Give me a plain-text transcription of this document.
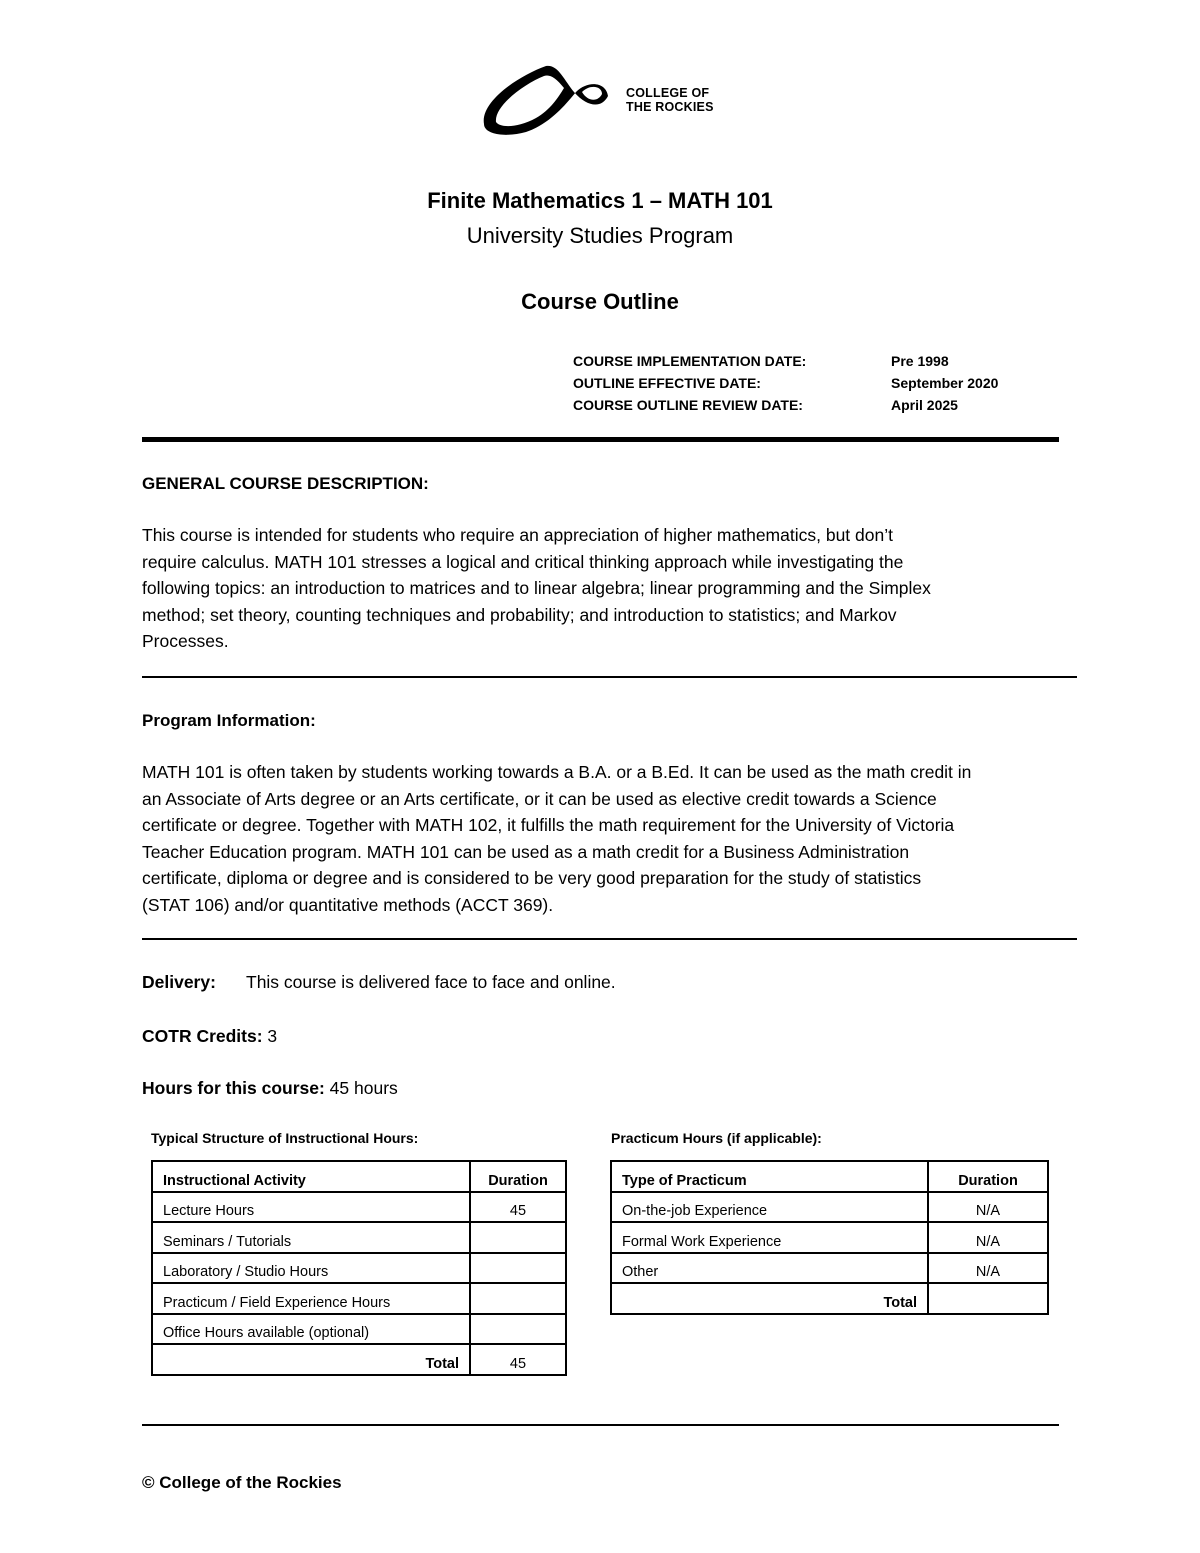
COLLEGE OF
THE ROCKIES
Finite Mathematics 1 – MATH 101
University Studies Program
Course Outline
COURSE IMPLEMENTATION DATE:	Pre 1998
OUTLINE EFFECTIVE DATE:	September 2020
COURSE OUTLINE REVIEW DATE:	April 2025
GENERAL COURSE DESCRIPTION:
This course is intended for students who require an appreciation of higher mathematics, but don’t
require calculus. MATH 101 stresses a logical and critical thinking approach while investigating the
following topics: an introduction to matrices and to linear algebra; linear programming and the Simplex
method; set theory, counting techniques and probability; and introduction to statistics; and Markov
Processes.
Program Information:
MATH 101 is often taken by students working towards a B.A. or a B.Ed. It can be used as the math credit in
an Associate of Arts degree or an Arts certificate, or it can be used as elective credit towards a Science
certificate or degree. Together with MATH 102, it fulfills the math requirement for the University of Victoria
Teacher Education program. MATH 101 can be used as a math credit for a Business Administration
certificate, diploma or degree and is considered to be very good preparation for the study of statistics
(STAT 106) and/or quantitative methods (ACCT 369).
Delivery: This course is delivered face to face and online.
COTR Credits: 3
Hours for this course: 45 hours
Typical Structure of Instructional Hours:
Instructional Activity	Duration
Lecture Hours	45
Seminars / Tutorials	
Laboratory / Studio Hours	
Practicum / Field Experience Hours	
Office Hours available (optional)	
Total	45
Practicum Hours (if applicable):
Type of Practicum	Duration
On-the-job Experience	N/A
Formal Work Experience	N/A
Other	N/A
Total	
© College of the Rockies
